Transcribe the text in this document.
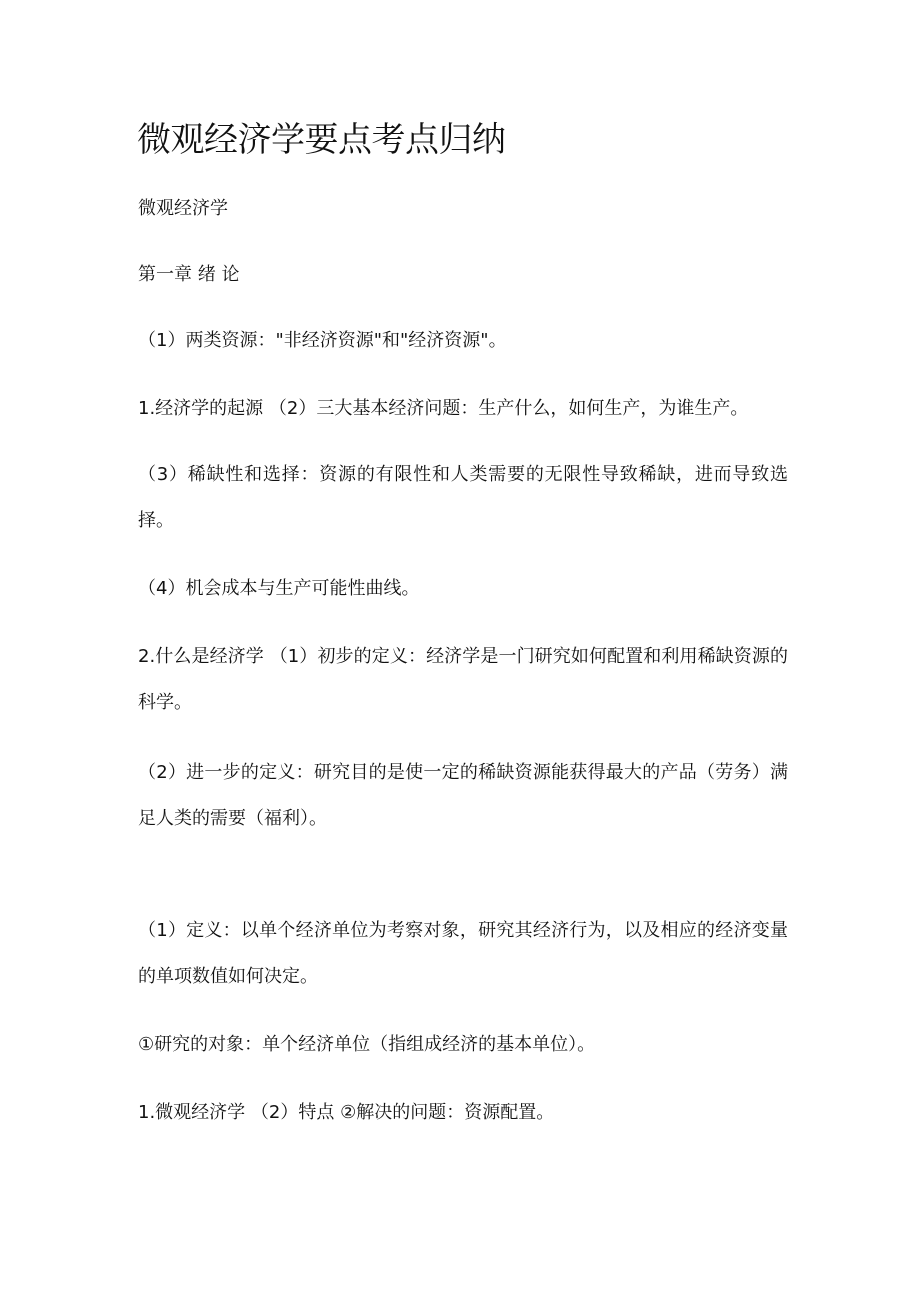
微观经济学要点考点归纳

微观经济学

第一章 绪 论

（1）两类资源："非经济资源"和"经济资源"。

1.经济学的起源 （2）三大基本经济问题：生产什么，如何生产，为谁生产。

（3）稀缺性和选择：资源的有限性和人类需要的无限性导致稀缺，进而导致选择。

（4）机会成本与生产可能性曲线。

2.什么是经济学 （1）初步的定义：经济学是一门研究如何配置和利用稀缺资源的科学。

（2）进一步的定义：研究目的是使一定的稀缺资源能获得最大的产品（劳务）满足人类的需要（福利）。

（1）定义：以单个经济单位为考察对象，研究其经济行为，以及相应的经济变量的单项数值如何决定。

①研究的对象：单个经济单位（指组成经济的基本单位）。

1.微观经济学 （2）特点 ②解决的问题：资源配置。
